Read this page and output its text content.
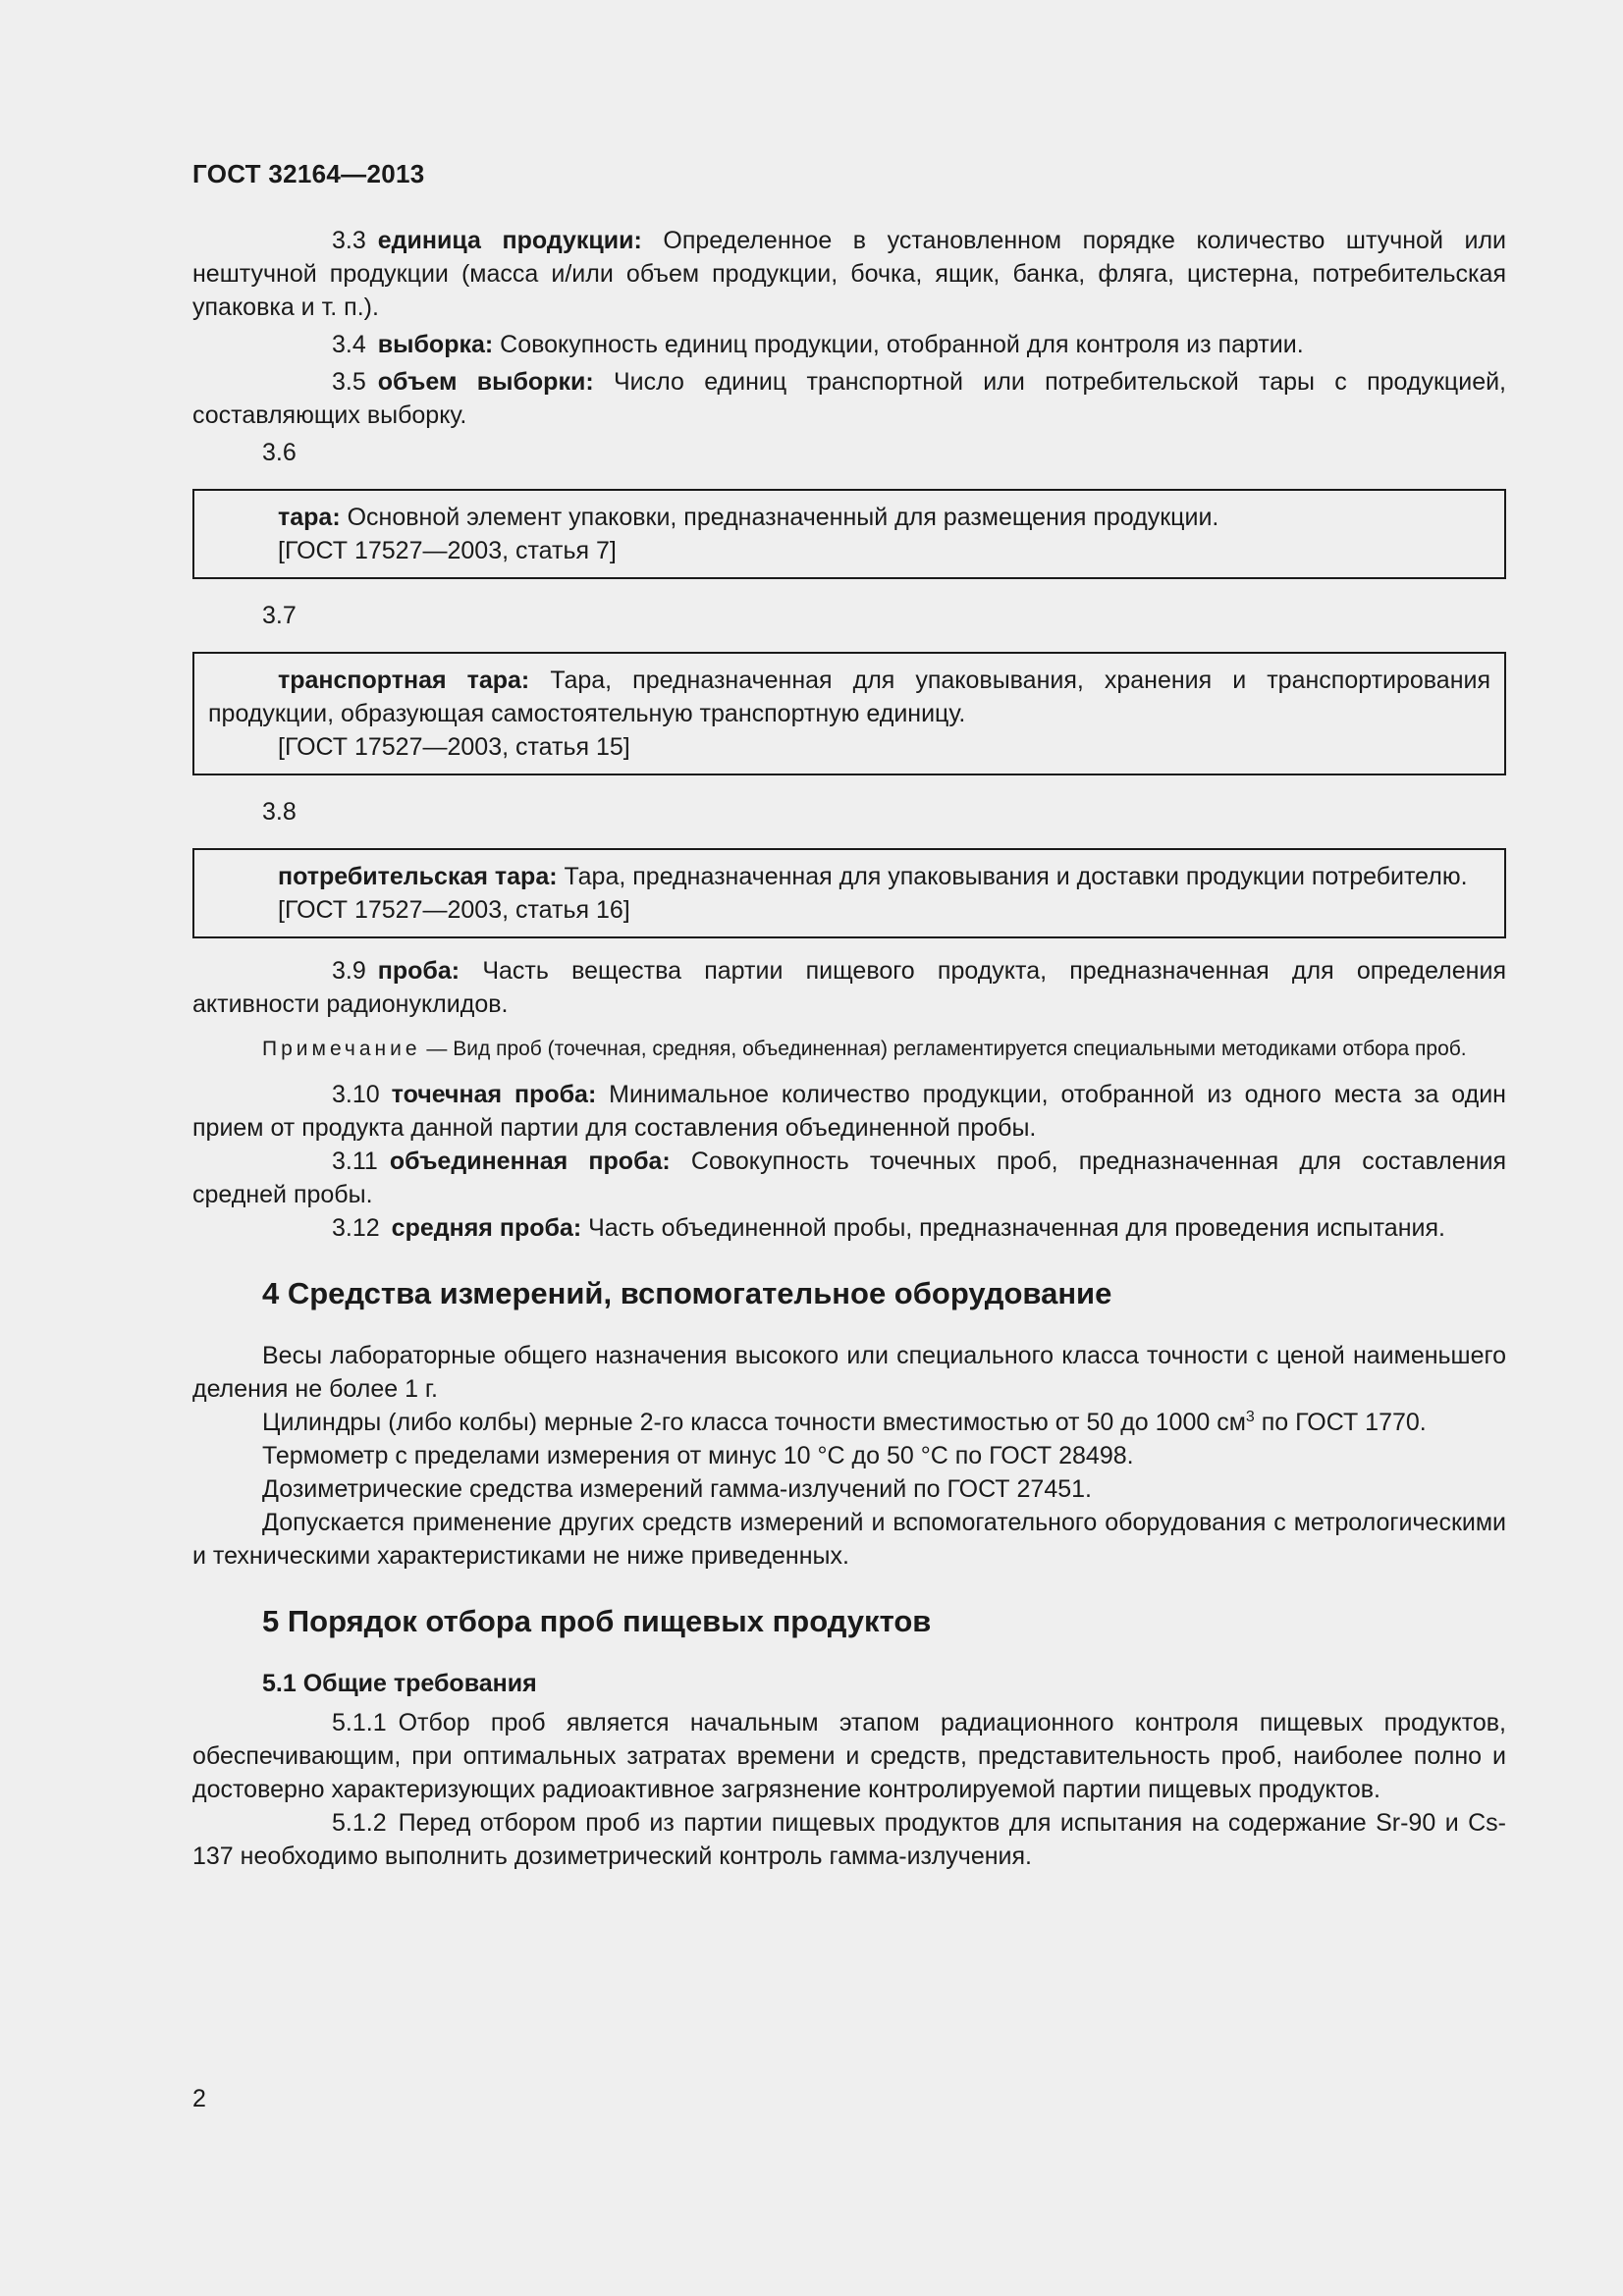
ГОСТ 32164—2013

3.3 единица продукции: Определенное в установленном порядке количество штучной или нештучной продукции (масса и/или объем продукции, бочка, ящик, банка, фляга, цистерна, потребительская упаковка и т. п.).

3.4 выборка: Совокупность единиц продукции, отобранной для контроля из партии.

3.5 объем выборки: Число единиц транспортной или потребительской тары с продукцией, составляющих выборку.

3.6

тара: Основной элемент упаковки, предназначенный для размещения продукции.

[ГОСТ 17527—2003, статья 7]

3.7

транспортная тара: Тара, предназначенная для упаковывания, хранения и транспортирования продукции, образующая самостоятельную транспортную единицу.

[ГОСТ 17527—2003, статья 15]

3.8

потребительская тара: Тара, предназначенная для упаковывания и доставки продукции потребителю.

[ГОСТ 17527—2003, статья 16]

3.9 проба: Часть вещества партии пищевого продукта, предназначенная для определения активности радионуклидов.

Примечание — Вид проб (точечная, средняя, объединенная) регламентируется специальными методиками отбора проб.

3.10 точечная проба: Минимальное количество продукции, отобранной из одного места за один прием от продукта данной партии для составления объединенной пробы.

3.11 объединенная проба: Совокупность точечных проб, предназначенная для составления средней пробы.

3.12 средняя проба: Часть объединенной пробы, предназначенная для проведения испытания.

4 Средства измерений, вспомогательное оборудование

Весы лабораторные общего назначения высокого или специального класса точности с ценой наименьшего деления не более 1 г.

Цилиндры (либо колбы) мерные 2-го класса точности вместимостью от 50 до 1000 $см^3$ по ГОСТ 1770.

Термометр с пределами измерения от минус 10 °С до 50 °С по ГОСТ 28498.

Дозиметрические средства измерений гамма-излучений по ГОСТ 27451.

Допускается применение других средств измерений и вспомогательного оборудования с метрологическими и техническими характеристиками не ниже приведенных.

5 Порядок отбора проб пищевых продуктов
5.1 Общие требования

5.1.1 Отбор проб является начальным этапом радиационного контроля пищевых продуктов, обеспечивающим, при оптимальных затратах времени и средств, представительность проб, наиболее полно и достоверно характеризующих радиоактивное загрязнение контролируемой партии пищевых продуктов.

5.1.2 Перед отбором проб из партии пищевых продуктов для испытания на содержание Sr-90 и Cs-137 необходимо выполнить дозиметрический контроль гамма-излучения.

2
